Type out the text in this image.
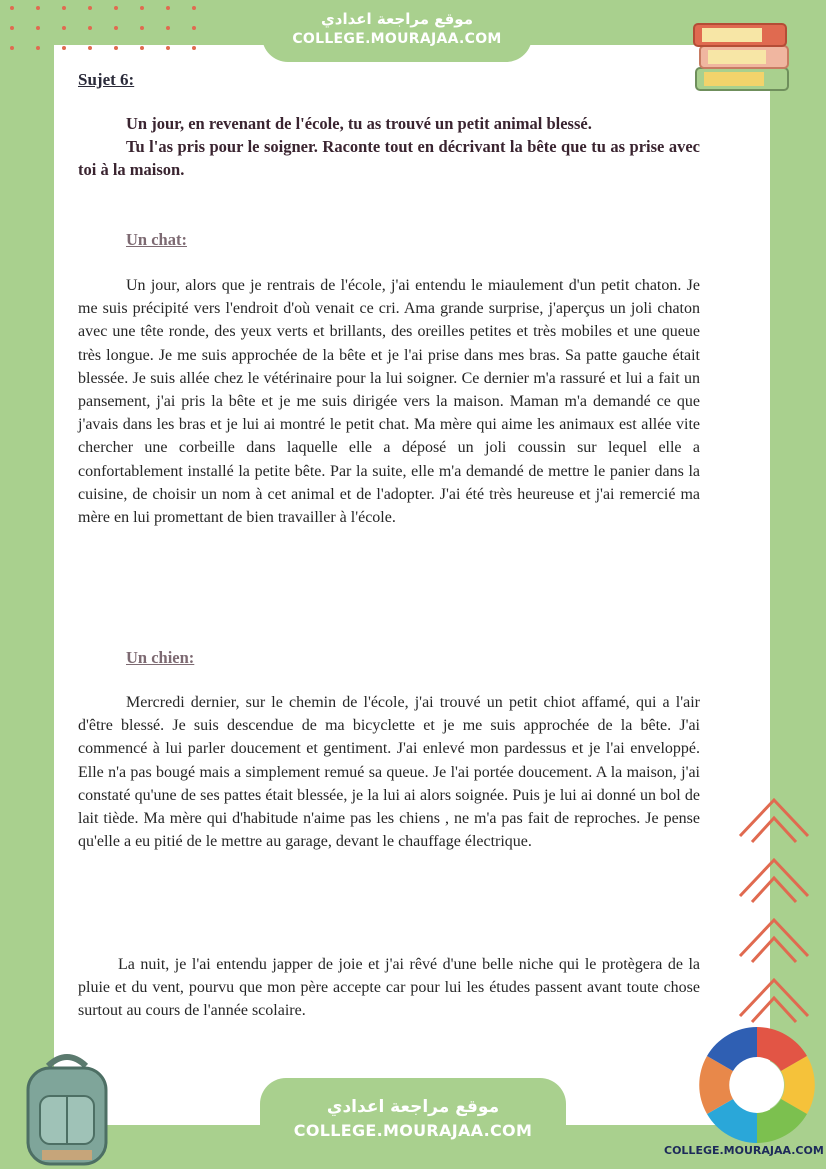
موقع مراجعة اعدادي
COLLEGE.MOURAJAA.COM
Sujet 6:

Un jour, en revenant de l'école, tu as trouvé un petit animal blessé.

Tu l'as pris pour le soigner. Raconte tout en décrivant la bête que tu as prise avec toi à la maison.

Un chat:
Un jour, alors que je rentrais de l'école, j'ai entendu le miaulement d'un petit chaton. Je me suis précipité vers l'endroit d'où venait ce cri. Ama grande surprise, j'aperçus un joli chaton avec une tête ronde, des yeux verts et brillants, des oreilles petites et très mobiles et une queue très longue. Je me suis approchée de la bête et je l'ai prise dans mes bras. Sa patte gauche était blessée. Je suis allée chez le vétérinaire pour la lui soigner. Ce dernier m'a rassuré et lui a fait un pansement, j'ai pris la bête et je me suis dirigée vers la maison. Maman m'a demandé ce que j'avais dans les bras et je lui ai montré le petit chat. Ma mère qui aime les animaux est allée vite chercher une corbeille dans laquelle elle a déposé un joli coussin sur lequel elle a confortablement installé la petite bête. Par la suite, elle m'a demandé de mettre le panier dans la cuisine, de choisir un nom à cet animal et de l'adopter. J'ai été très heureuse et j'ai remercié ma mère en lui promettant de bien travailler à l'école.
Un chien:
Mercredi dernier, sur le chemin de l'école, j'ai trouvé un petit chiot affamé, qui a l'air d'être blessé. Je suis descendue de ma bicyclette et je me suis approchée de la bête. J'ai commencé à lui parler doucement et gentiment. J'ai enlevé mon pardessus et je l'ai enveloppé. Elle n'a pas bougé mais a simplement remué sa queue. Je l'ai portée doucement. A la maison, j'ai constaté qu'une de ses pattes était blessée, je la lui ai alors soignée. Puis je lui ai donné un bol de lait tiède. Ma mère qui d'habitude n'aime pas les chiens , ne m'a pas fait de reproches. Je pense qu'elle a eu pitié de le mettre au garage, devant le chauffage électrique.
La nuit, je l'ai entendu japper de joie et j'ai rêvé d'une belle niche qui le protègera de la pluie et du vent, pourvu que mon père accepte car pour lui les études passent avant toute chose surtout au cours de l'année scolaire.
COLLEGE.MOURAJAA.COM
موقع مراجعة اعدادي
COLLEGE.MOURAJAA.COM
